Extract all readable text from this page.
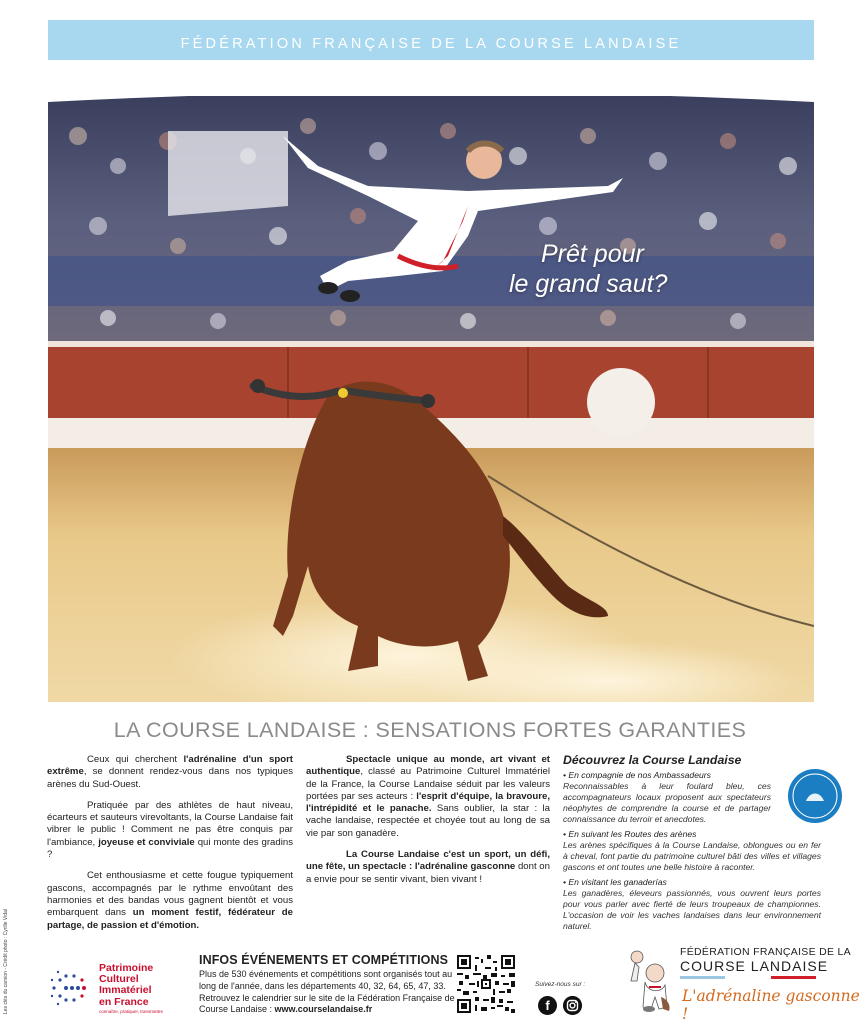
FÉDÉRATION FRANÇAISE DE LA COURSE LANDAISE
Prêt pour
le grand saut?
LA COURSE LANDAISE : SENSATIONS FORTES GARANTIES

Ceux qui cherchent l'adrénaline d'un sport extrême, se donnent rendez-vous dans nos typiques arènes du Sud-Ouest.

Pratiquée par des athlètes de haut niveau, écarteurs et sauteurs virevoltants, la Course Landaise fait vibrer le public ! Comment ne pas être conquis par l'ambiance, joyeuse et conviviale qui monte des gradins ?

Cet enthousiasme et cette fougue typiquement gascons, accompagnés par le rythme envoûtant des harmonies et des bandas vous gagnent bientôt et vous embarquent dans un moment festif, fédérateur de partage, de passion et d'émotion.

Spectacle unique au monde, art vivant et authentique, classé au Patrimoine Culturel Immatériel de la France, la Course Landaise séduit par les valeurs portées par ses acteurs : l'esprit d'équipe, la bravoure, l'intrépidité et le panache. Sans oublier, la star : la vache landaise, respectée et choyée tout au long de sa vie par son ganadère.

La Course Landaise c'est un sport, un défi, une fête, un spectacle : l'adrénaline gasconne dont on a envie pour se sentir vivant, bien vivant !

Découvrez la Course Landaise
• En compagnie de nos Ambassadeurs
Reconnaissables à leur foulard bleu, ces accompagnateurs locaux proposent aux spectateurs néophytes de comprendre la course et de partager connaissance du terroir et anecdotes.
• En suivant les Routes des arènes
Les arènes spécifiques à la Course Landaise, oblongues ou en fer à cheval, font partie du patrimoine culturel bâti des villes et villages gascons et ont toutes une belle histoire à raconter.
• En visitant les ganaderías
Les ganadères, éleveurs passionnés, vous ouvrent leurs portes pour vous parler avec fierté de leurs troupeaux de championnes. L'occasion de voir les vaches landaises dans leur environnement naturel.
Les clés du camion - Crédit photo : Cyrille Vidal	Patrimoine
Culturel
Immatériel
en France
connaître, pratiquer, transmettre
INFOS ÉVÉNEMENTS ET COMPÉTITIONS

Plus de 530 événements et compétitions sont organisés tout au long de l'année, dans les départements 40, 32, 64, 65, 47, 33. Retrouvez le calendrier sur le site de la Fédération Française de Course Landaise : www.courselandaise.fr

Suivez-nous sur :
f
FÉDÉRATION FRANÇAISE DE LA
COURSE LANDAISE
L'adrénaline gasconne !
